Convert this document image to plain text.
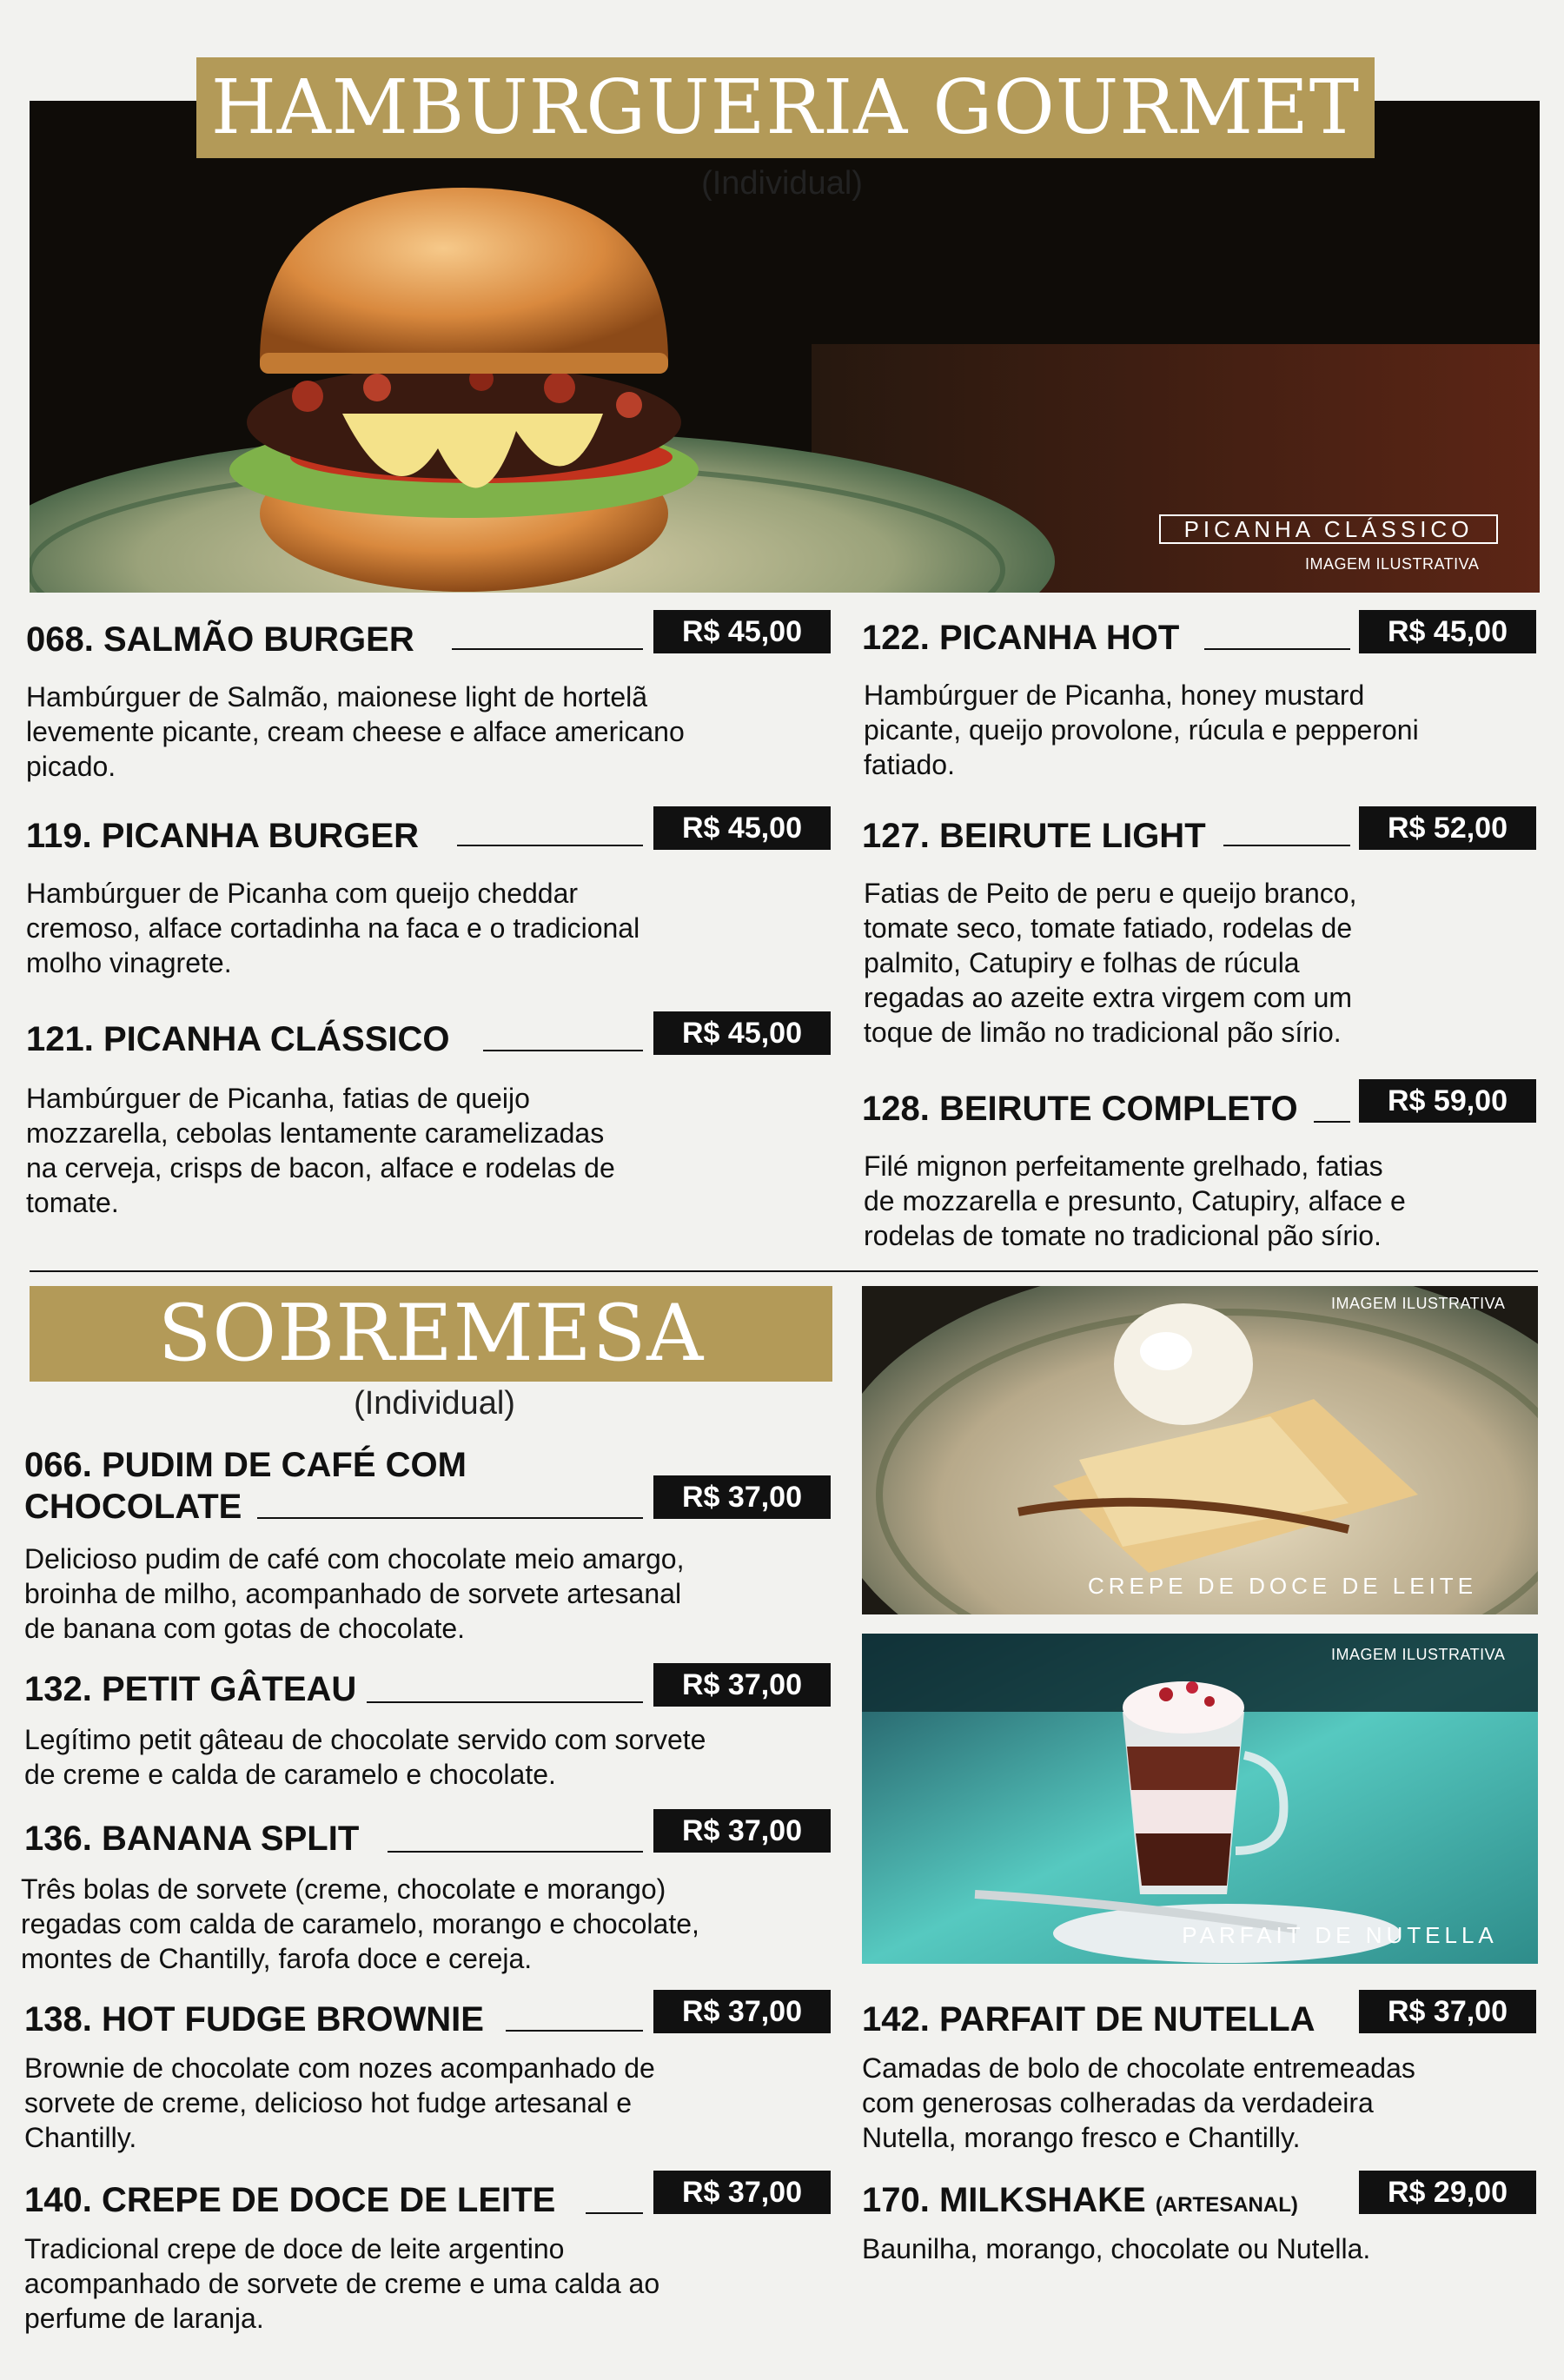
PICANHA CLÁSSICO
IMAGEM ILUSTRATIVA
HAMBURGUERIA GOURMET
(Individual)
068. SALMÃO BURGER	R$ 45,00
Hambúrguer de Salmão, maionese light de hortelã
levemente picante, cream cheese e alface americano
picado.
119. PICANHA BURGER	R$ 45,00
Hambúrguer de Picanha com queijo cheddar
cremoso, alface cortadinha na faca e o tradicional
molho vinagrete.
121. PICANHA CLÁSSICO	R$ 45,00
Hambúrguer de Picanha, fatias de queijo
mozzarella, cebolas lentamente caramelizadas
na cerveja, crisps de bacon, alface e rodelas de
tomate.
122. PICANHA HOT	R$ 45,00
Hambúrguer de Picanha, honey mustard
picante, queijo provolone, rúcula e pepperoni
fatiado.
127. BEIRUTE LIGHT	R$ 52,00
Fatias de Peito de peru e queijo branco,
tomate seco, tomate fatiado, rodelas de
palmito, Catupiry e folhas de rúcula
regadas ao azeite extra virgem com um
toque de limão no tradicional pão sírio.
128. BEIRUTE COMPLETO	R$ 59,00
Filé mignon perfeitamente grelhado, fatias
de mozzarella e presunto, Catupiry, alface e
rodelas de tomate no tradicional pão sírio.
SOBREMESA
(Individual)
CREPE DE DOCE DE LEITE
IMAGEM ILUSTRATIVA
PARFAIT DE NUTELLA
IMAGEM ILUSTRATIVA
066. PUDIM DE CAFÉ COM
CHOCOLATE	R$ 37,00
Delicioso pudim de café com chocolate meio amargo,
broinha de milho, acompanhado de sorvete artesanal
de banana com gotas de chocolate.
132. PETIT GÂTEAU	R$ 37,00
Legítimo petit gâteau de chocolate servido com sorvete
de creme e calda de caramelo e chocolate.
136. BANANA SPLIT	R$ 37,00
Três bolas de sorvete (creme, chocolate e morango)
regadas com calda de caramelo, morango e chocolate,
montes de Chantilly, farofa doce e cereja.
138. HOT FUDGE BROWNIE	R$ 37,00
Brownie de chocolate com nozes acompanhado de
sorvete de creme, delicioso hot fudge artesanal e
Chantilly.
140. CREPE DE DOCE DE LEITE	R$ 37,00
Tradicional crepe de doce de leite argentino
acompanhado de sorvete de creme e uma calda ao
perfume de laranja.
142. PARFAIT DE NUTELLA	R$ 37,00
Camadas de bolo de chocolate entremeadas
com generosas colheradas da verdadeira
Nutella, morango fresco e Chantilly.
170. MILKSHAKE (ARTESANAL)	R$ 29,00
Baunilha, morango, chocolate ou Nutella.
